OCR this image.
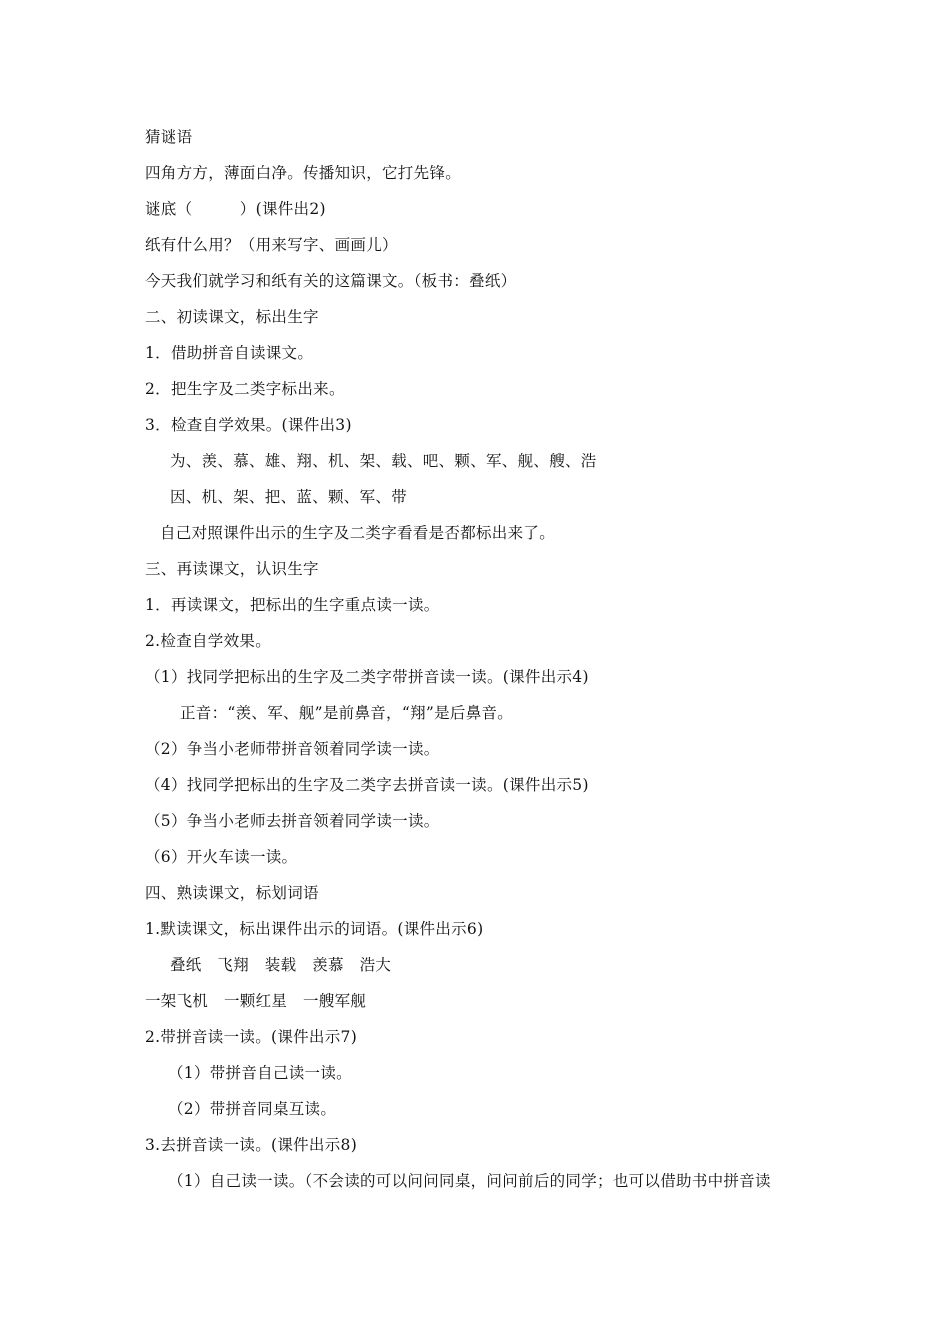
猜谜语
四角方方，薄面白净。传播知识，它打先锋。
谜底（　　　）(课件出2)
纸有什么用？（用来写字、画画儿）
今天我们就学习和纸有关的这篇课文。（板书：叠纸）
二、初读课文，标出生字
1．借助拼音自读课文。
2．把生字及二类字标出来。
3．检查自学效果。(课件出3)
为、羡、慕、雄、翔、机、架、载、吧、颗、军、舰、艘、浩
因、机、架、把、蓝、颗、军、带
自己对照课件出示的生字及二类字看看是否都标出来了。
三、再读课文，认识生字
1．再读课文，把标出的生字重点读一读。
2.检查自学效果。
（1）找同学把标出的生字及二类字带拼音读一读。(课件出示4)
正音：“羡、军、舰”是前鼻音，“翔”是后鼻音。
（2）争当小老师带拼音领着同学读一读。
（4）找同学把标出的生字及二类字去拼音读一读。(课件出示5)
（5）争当小老师去拼音领着同学读一读。
（6）开火车读一读。
四、熟读课文，标划词语
1.默读课文，标出课件出示的词语。(课件出示6)
叠纸　飞翔　装载　羡慕　浩大
一架飞机　一颗红星　一艘军舰
2.带拼音读一读。(课件出示7)
（1）带拼音自己读一读。
（2）带拼音同桌互读。
3.去拼音读一读。(课件出示8)
（1）自己读一读。（不会读的可以问问同桌，问问前后的同学；也可以借助书中拼音读
